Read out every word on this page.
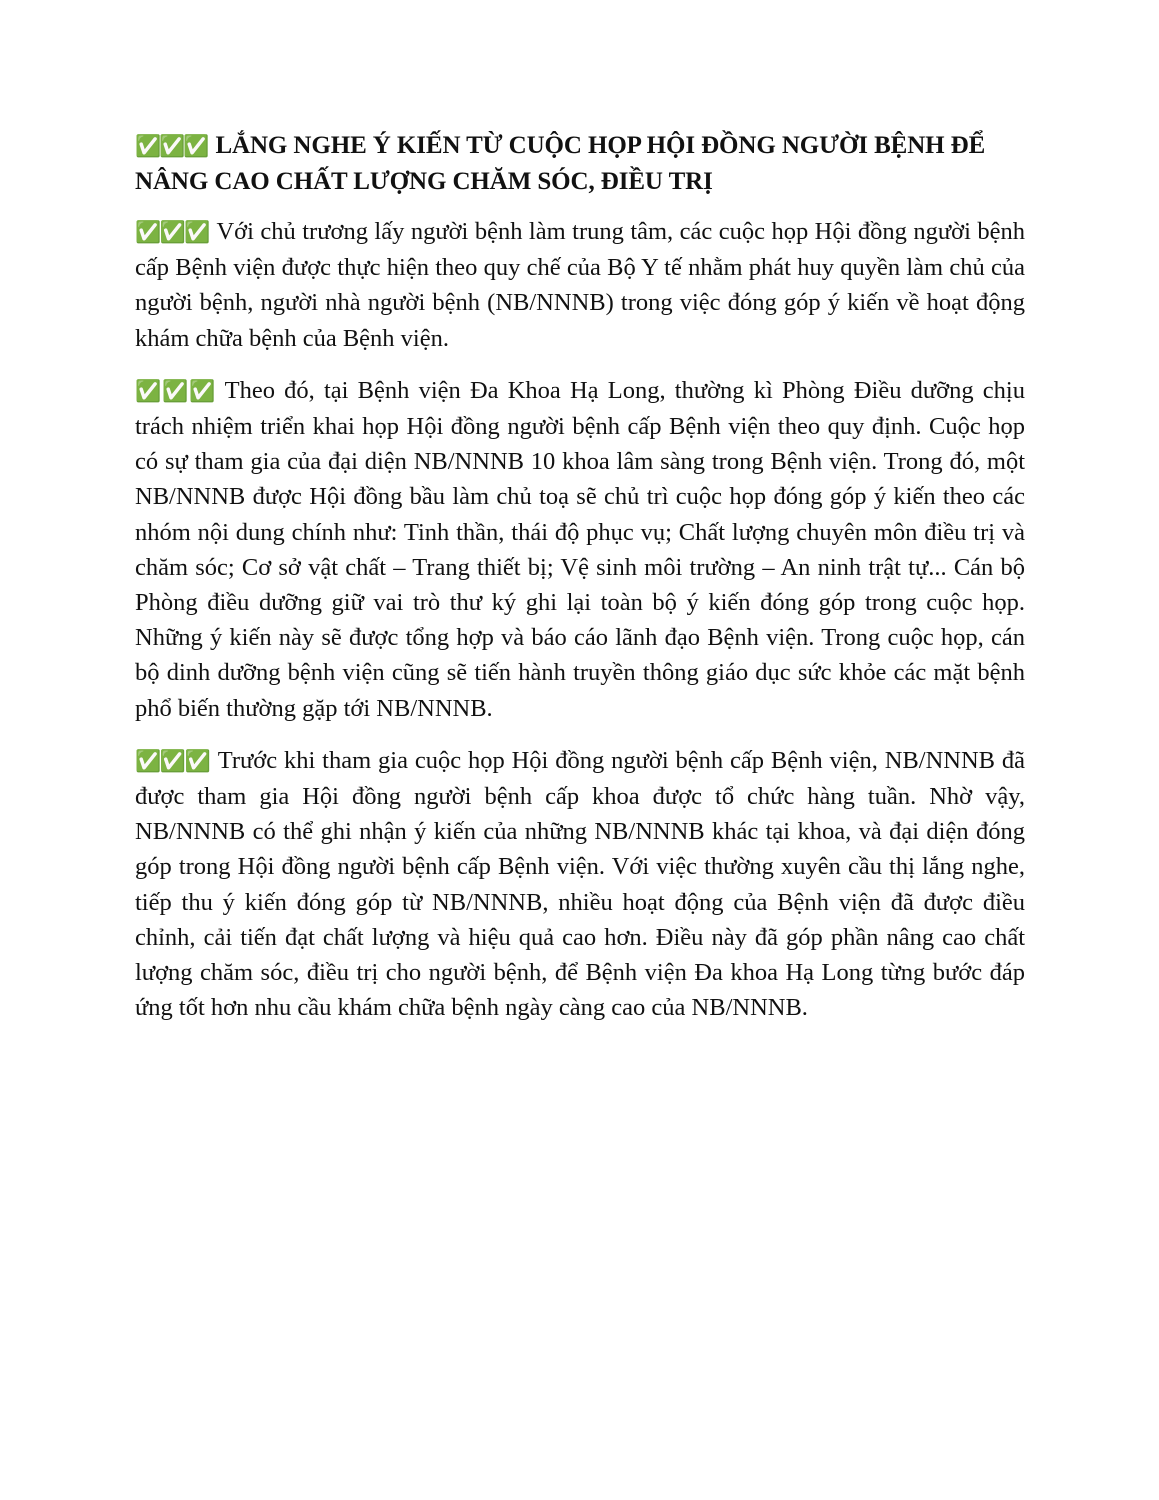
✅✅✅ LẮNG NGHE Ý KIẾN TỪ CUỘC HỌP HỘI ĐỒNG NGƯỜI BỆNH ĐỂ NÂNG CAO CHẤT LƯỢNG CHĂM SÓC, ĐIỀU TRỊ

✅✅✅ Với chủ trương lấy người bệnh làm trung tâm, các cuộc họp Hội đồng người bệnh cấp Bệnh viện được thực hiện theo quy chế của Bộ Y tế nhằm phát huy quyền làm chủ của người bệnh, người nhà người bệnh (NB/NNNB) trong việc đóng góp ý kiến về hoạt động khám chữa bệnh của Bệnh viện.

✅✅✅ Theo đó, tại Bệnh viện Đa Khoa Hạ Long, thường kì Phòng Điều dưỡng chịu trách nhiệm triển khai họp Hội đồng người bệnh cấp Bệnh viện theo quy định. Cuộc họp có sự tham gia của đại diện NB/NNNB 10 khoa lâm sàng trong Bệnh viện. Trong đó, một NB/NNNB được Hội đồng bầu làm chủ toạ sẽ chủ trì cuộc họp đóng góp ý kiến theo các nhóm nội dung chính như: Tinh thần, thái độ phục vụ; Chất lượng chuyên môn điều trị và chăm sóc; Cơ sở vật chất – Trang thiết bị; Vệ sinh môi trường – An ninh trật tự... Cán bộ Phòng điều dưỡng giữ vai trò thư ký ghi lại toàn bộ ý kiến đóng góp trong cuộc họp. Những ý kiến này sẽ được tổng hợp và báo cáo lãnh đạo Bệnh viện. Trong cuộc họp, cán bộ dinh dưỡng bệnh viện cũng sẽ tiến hành truyền thông giáo dục sức khỏe các mặt bệnh phổ biến thường gặp tới NB/NNNB.

✅✅✅ Trước khi tham gia cuộc họp Hội đồng người bệnh cấp Bệnh viện, NB/NNNB đã được tham gia Hội đồng người bệnh cấp khoa được tổ chức hàng tuần. Nhờ vậy, NB/NNNB có thể ghi nhận ý kiến của những NB/NNNB khác tại khoa, và đại diện đóng góp trong Hội đồng người bệnh cấp Bệnh viện. Với việc thường xuyên cầu thị lắng nghe, tiếp thu ý kiến đóng góp từ NB/NNNB, nhiều hoạt động của Bệnh viện đã được điều chỉnh, cải tiến đạt chất lượng và hiệu quả cao hơn. Điều này đã góp phần nâng cao chất lượng chăm sóc, điều trị cho người bệnh, để Bệnh viện Đa khoa Hạ Long từng bước đáp ứng tốt hơn nhu cầu khám chữa bệnh ngày càng cao của NB/NNNB.
